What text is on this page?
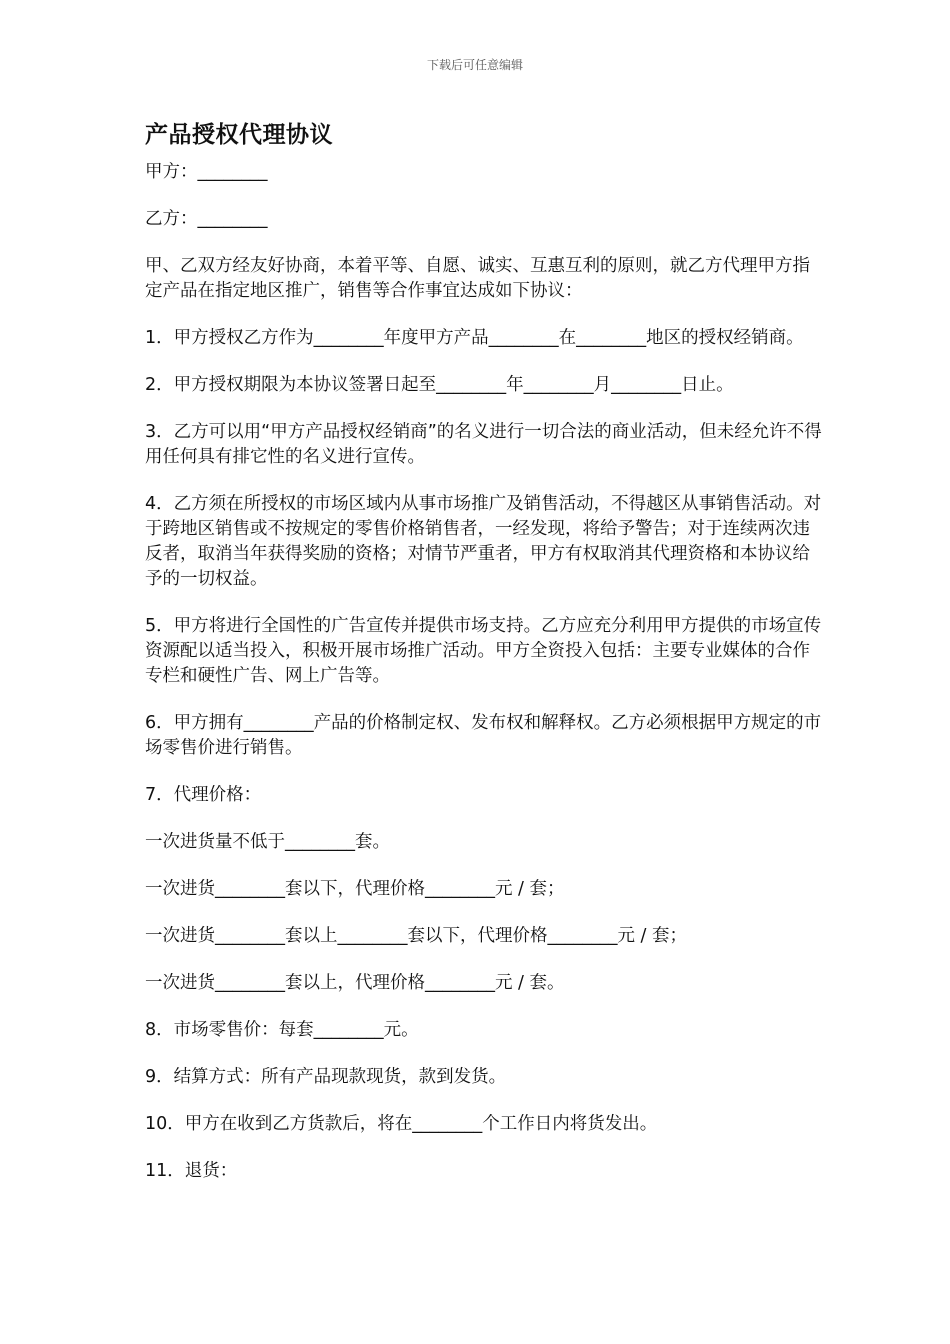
下载后可任意编辑
产品授权代理协议
甲方：________
乙方：________
甲、乙双方经友好协商，本着平等、自愿、诚实、互惠互利的原则，就乙方代理甲方指定产品在指定地区推广，销售等合作事宜达成如下协议：
1．甲方授权乙方作为________年度甲方产品________在________地区的授权经销商。
2．甲方授权期限为本协议签署日起至________年________月________日止。
3．乙方可以用“甲方产品授权经销商”的名义进行一切合法的商业活动，但未经允许不得用任何具有排它性的名义进行宣传。
4．乙方须在所授权的市场区域内从事市场推广及销售活动，不得越区从事销售活动。对于跨地区销售或不按规定的零售价格销售者，一经发现，将给予警告；对于连续两次违反者，取消当年获得奖励的资格；对情节严重者，甲方有权取消其代理资格和本协议给予的一切权益。
5．甲方将进行全国性的广告宣传并提供市场支持。乙方应充分利用甲方提供的市场宣传资源配以适当投入，积极开展市场推广活动。甲方全资投入包括：主要专业媒体的合作专栏和硬性广告、网上广告等。
6．甲方拥有________产品的价格制定权、发布权和解释权。乙方必须根据甲方规定的市场零售价进行销售。
7．代理价格：
一次进货量不低于________套。
一次进货________套以下，代理价格________元 / 套；
一次进货________套以上________套以下，代理价格________元 / 套；
一次进货________套以上，代理价格________元 / 套。
8．市场零售价：每套________元。
9．结算方式：所有产品现款现货，款到发货。
10．甲方在收到乙方货款后，将在________个工作日内将货发出。
11．退货：
